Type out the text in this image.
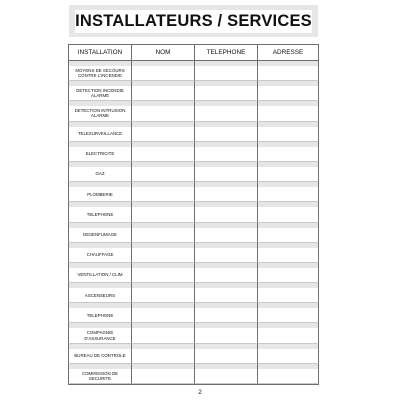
INSTALLATEURS / SERVICES
INSTALLATION	NOM	TELEPHONE	ADRESSE
MOYENS DE SECOURS CONTRE L'INCENDIE
DETECTION INCENDIE ALARME
DETECTION INTRUSION ALARME
TELESURVEILLANCE
ELECTRICITE
GAZ
PLOMBERIE
TELEPHONE
DESENFUMAGE
CHAUFFAGE
VENTILLATION / CLIM
ASCENSEURS
TELEPHONE
COMPAGNIE D'ASSURANCE
BUREAU DE CONTROLE
COMMISSION DE SECURITE
2
